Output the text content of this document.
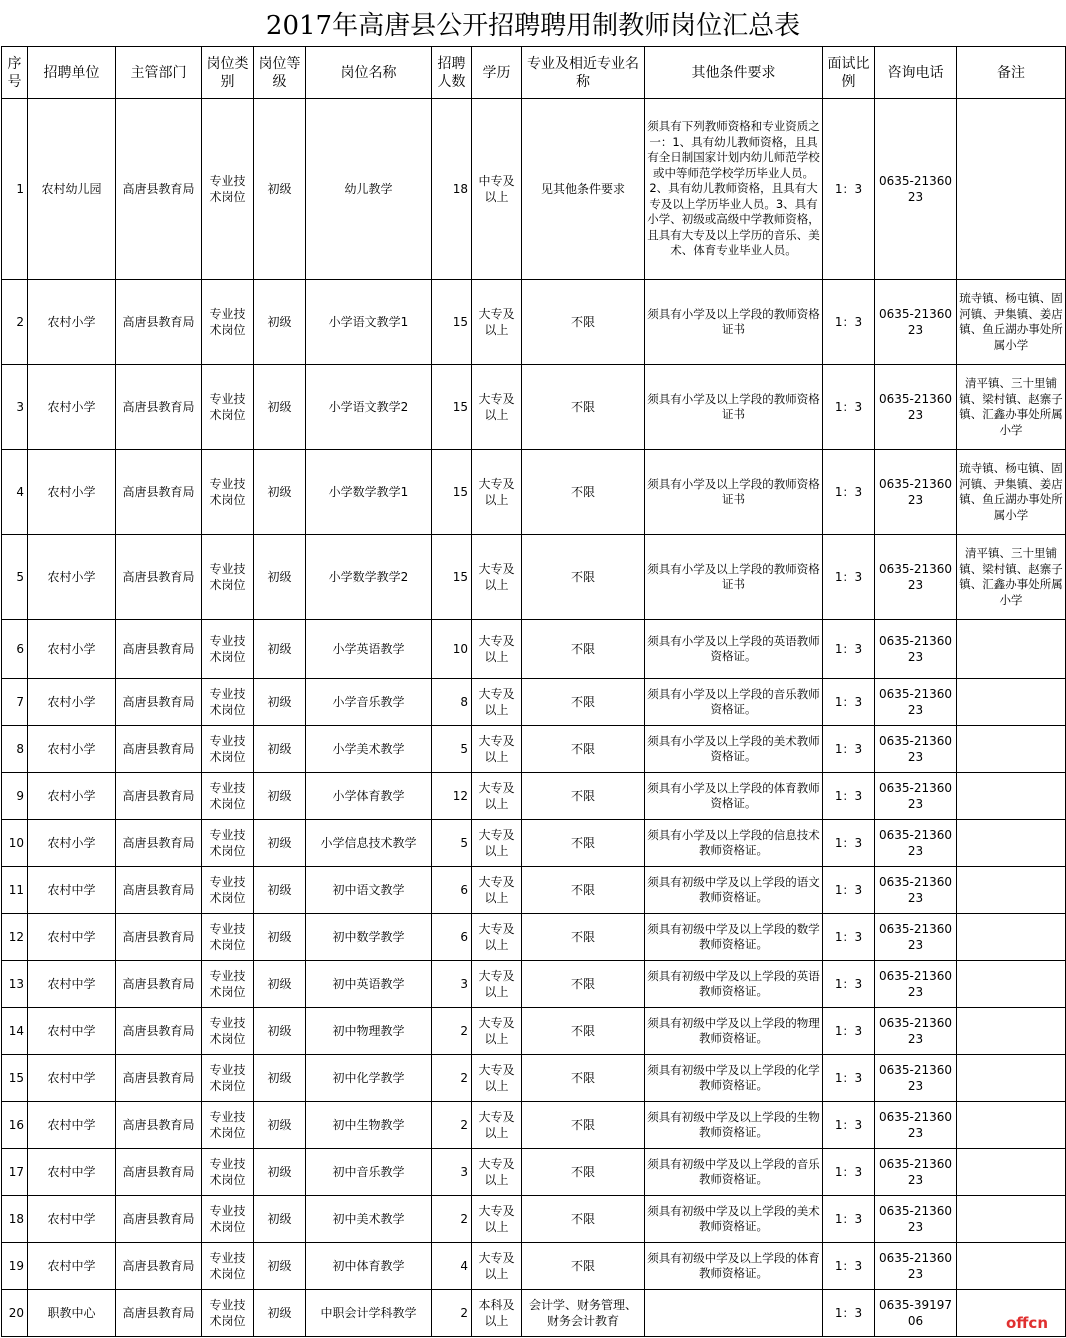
2017年高唐县公开招聘聘用制教师岗位汇总表
序号	招聘单位	主管部门	岗位类别	岗位等级	岗位名称	招聘人数	学历	专业及相近专业名称	其他条件要求	面试比例	咨询电话	备注
1	农村幼儿园	高唐县教育局	专业技术岗位	初级	幼儿教学	18	中专及以上	见其他条件要求	须具有下列教师资格和专业资质之一：1、具有幼儿教师资格，且具有全日制国家计划内幼儿师范学校或中等师范学校学历毕业人员。2、具有幼儿教师资格，且具有大专及以上学历毕业人员。3、具有小学、初级或高级中学教师资格，且具有大专及以上学历的音乐、美术、体育专业毕业人员。	1：3	0635-2136023	
2	农村小学	高唐县教育局	专业技术岗位	初级	小学语文教学1	15	大专及以上	不限	须具有小学及以上学段的教师资格证书	1：3	0635-2136023	琉寺镇、杨屯镇、固河镇、尹集镇、姜店镇、鱼丘湖办事处所属小学
3	农村小学	高唐县教育局	专业技术岗位	初级	小学语文教学2	15	大专及以上	不限	须具有小学及以上学段的教师资格证书	1：3	0635-2136023	清平镇、三十里铺镇、梁村镇、赵寨子镇、汇鑫办事处所属小学
4	农村小学	高唐县教育局	专业技术岗位	初级	小学数学教学1	15	大专及以上	不限	须具有小学及以上学段的教师资格证书	1：3	0635-2136023	琉寺镇、杨屯镇、固河镇、尹集镇、姜店镇、鱼丘湖办事处所属小学
5	农村小学	高唐县教育局	专业技术岗位	初级	小学数学教学2	15	大专及以上	不限	须具有小学及以上学段的教师资格证书	1：3	0635-2136023	清平镇、三十里铺镇、梁村镇、赵寨子镇、汇鑫办事处所属小学
6	农村小学	高唐县教育局	专业技术岗位	初级	小学英语教学	10	大专及以上	不限	须具有小学及以上学段的英语教师资格证。	1：3	0635-2136023	
7	农村小学	高唐县教育局	专业技术岗位	初级	小学音乐教学	8	大专及以上	不限	须具有小学及以上学段的音乐教师资格证。	1：3	0635-2136023	
8	农村小学	高唐县教育局	专业技术岗位	初级	小学美术教学	5	大专及以上	不限	须具有小学及以上学段的美术教师资格证。	1：3	0635-2136023	
9	农村小学	高唐县教育局	专业技术岗位	初级	小学体育教学	12	大专及以上	不限	须具有小学及以上学段的体育教师资格证。	1：3	0635-2136023	
10	农村小学	高唐县教育局	专业技术岗位	初级	小学信息技术教学	5	大专及以上	不限	须具有小学及以上学段的信息技术教师资格证。	1：3	0635-2136023	
11	农村中学	高唐县教育局	专业技术岗位	初级	初中语文教学	6	大专及以上	不限	须具有初级中学及以上学段的语文教师资格证。	1：3	0635-2136023	
12	农村中学	高唐县教育局	专业技术岗位	初级	初中数学教学	6	大专及以上	不限	须具有初级中学及以上学段的数学教师资格证。	1：3	0635-2136023	
13	农村中学	高唐县教育局	专业技术岗位	初级	初中英语教学	3	大专及以上	不限	须具有初级中学及以上学段的英语教师资格证。	1：3	0635-2136023	
14	农村中学	高唐县教育局	专业技术岗位	初级	初中物理教学	2	大专及以上	不限	须具有初级中学及以上学段的物理教师资格证。	1：3	0635-2136023	
15	农村中学	高唐县教育局	专业技术岗位	初级	初中化学教学	2	大专及以上	不限	须具有初级中学及以上学段的化学教师资格证。	1：3	0635-2136023	
16	农村中学	高唐县教育局	专业技术岗位	初级	初中生物教学	2	大专及以上	不限	须具有初级中学及以上学段的生物教师资格证。	1：3	0635-2136023	
17	农村中学	高唐县教育局	专业技术岗位	初级	初中音乐教学	3	大专及以上	不限	须具有初级中学及以上学段的音乐教师资格证。	1：3	0635-2136023	
18	农村中学	高唐县教育局	专业技术岗位	初级	初中美术教学	2	大专及以上	不限	须具有初级中学及以上学段的美术教师资格证。	1：3	0635-2136023	
19	农村中学	高唐县教育局	专业技术岗位	初级	初中体育教学	4	大专及以上	不限	须具有初级中学及以上学段的体育教师资格证。	1：3	0635-2136023	
20	职教中心	高唐县教育局	专业技术岗位	初级	中职会计学科教学	2	本科及以上	会计学、财务管理、财务会计教育		1：3	0635-3919706		offcn
